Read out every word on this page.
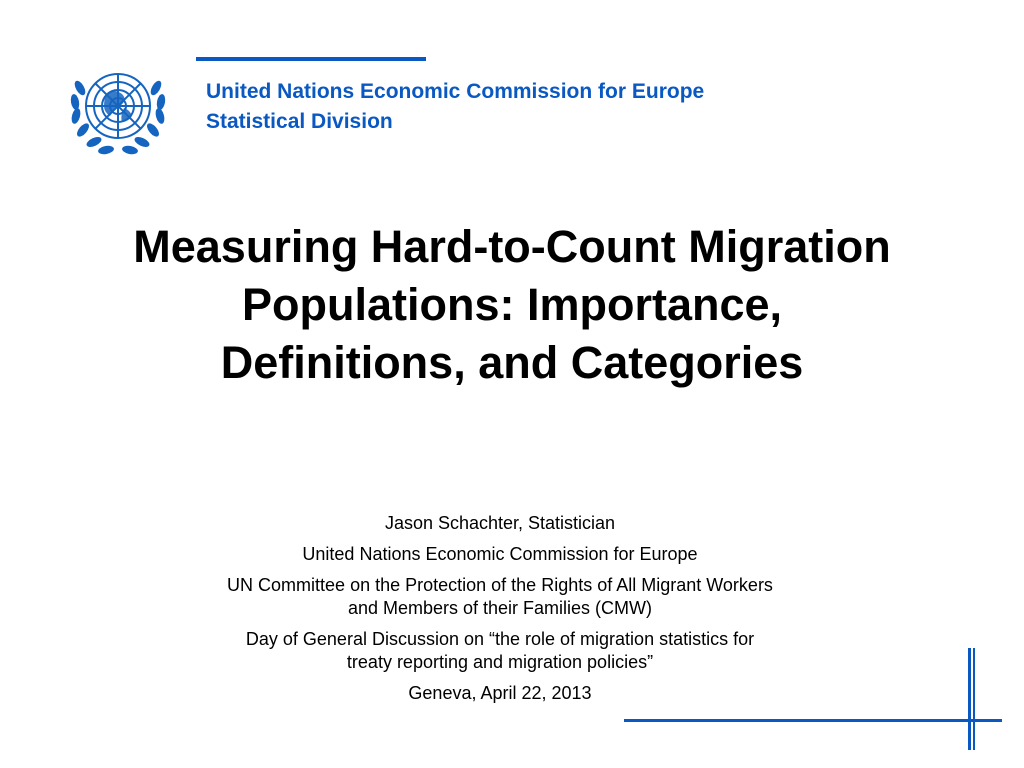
United Nations Economic Commission for Europe
Statistical Division
Measuring Hard-to-Count Migration
Populations: Importance,
Definitions, and Categories

Jason Schachter, Statistician

United Nations Economic Commission for Europe

UN Committee on the Protection of the Rights of All Migrant Workers
and Members of their Families (CMW)

Day of General Discussion on “the role of migration statistics for
treaty reporting and migration policies”

Geneva, April 22, 2013
